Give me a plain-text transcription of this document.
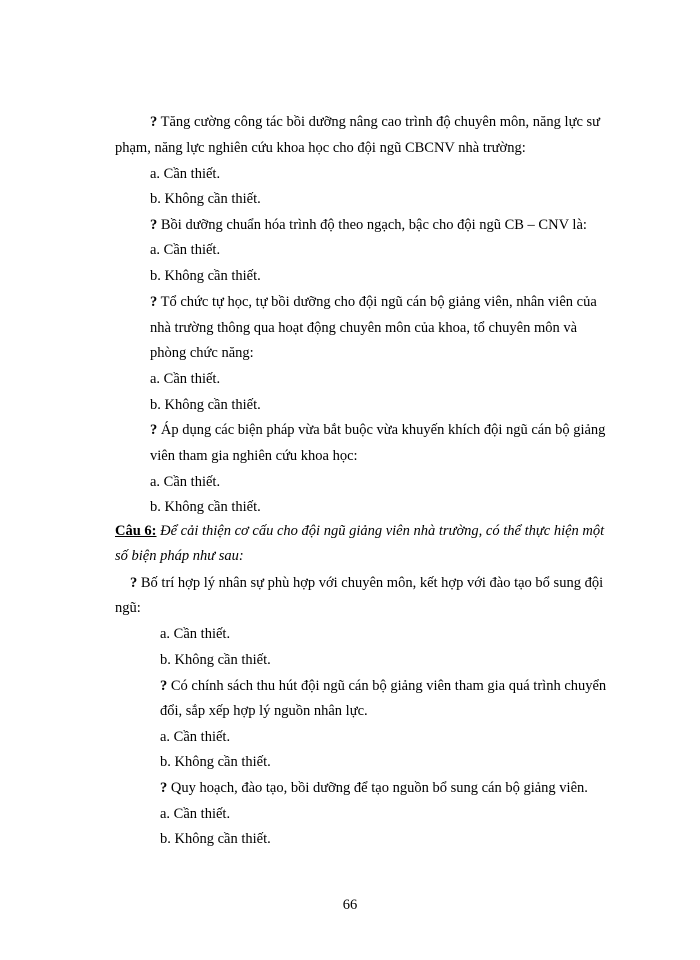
? Tăng cường công tác bồi dưỡng nâng cao trình độ chuyên môn, năng lực sư
phạm, năng lực nghiên cứu khoa học cho đội ngũ CBCNV nhà trường:
a. Cần thiết.
b. Không cần thiết.
? Bồi dưỡng chuẩn hóa trình độ theo ngạch, bậc cho đội ngũ CB – CNV là:
a. Cần thiết.
b. Không cần thiết.
? Tổ chức tự học, tự bồi dưỡng cho đội ngũ cán bộ giảng viên, nhân viên của
nhà trường thông qua hoạt động chuyên môn của khoa, tổ chuyên môn và
phòng chức năng:
a. Cần thiết.
b. Không cần thiết.
? Áp dụng các biện pháp vừa bắt buộc vừa khuyến khích đội ngũ cán bộ giảng
viên tham gia nghiên cứu khoa học:
a. Cần thiết.
b. Không cần thiết.
Câu 6: Để cải thiện cơ cấu cho đội ngũ giảng viên nhà trường, có thể thực hiện một
số biện pháp như sau:
? Bố trí hợp lý nhân sự phù hợp với chuyên môn, kết hợp với đào tạo bổ sung đội
ngũ:
a. Cần thiết.
b. Không cần thiết.
? Có chính sách thu hút đội ngũ cán bộ giảng viên tham gia quá trình chuyển
đổi, sắp xếp hợp lý nguồn nhân lực.
a. Cần thiết.
b. Không cần thiết.
? Quy hoạch, đào tạo, bồi dưỡng để tạo nguồn bổ sung cán bộ giảng viên.
a. Cần thiết.
b. Không cần thiết.
66
